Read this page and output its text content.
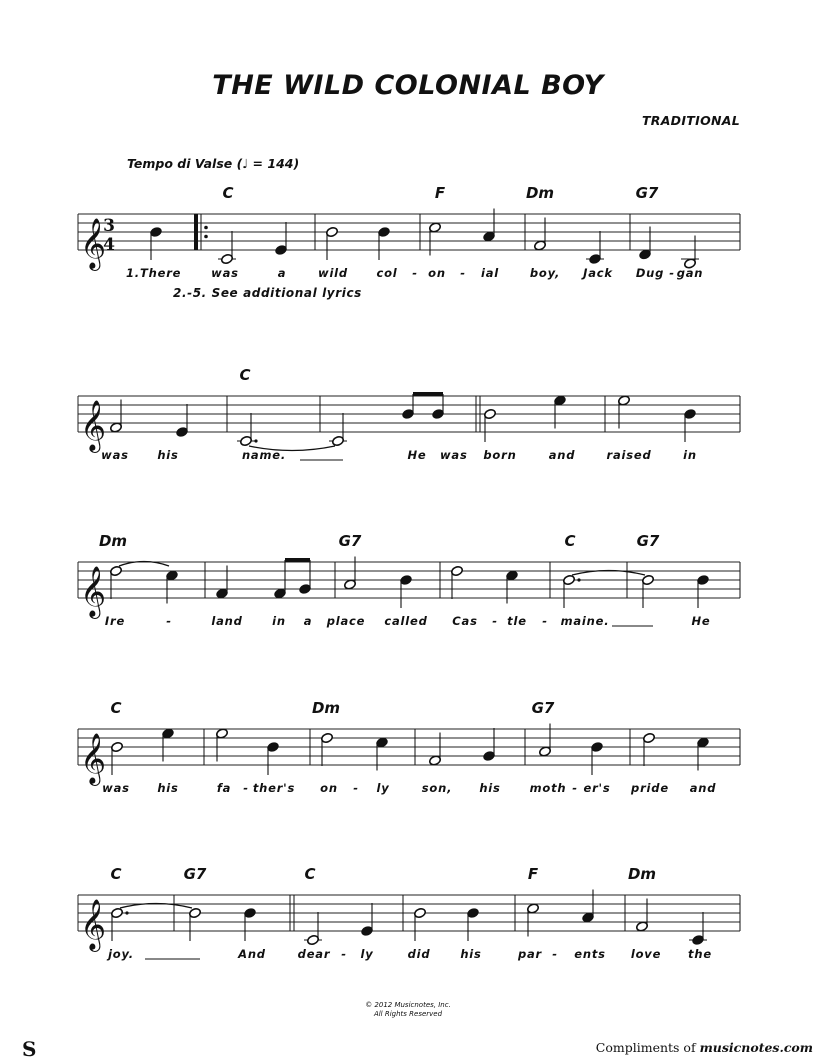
THE WILD COLONIAL BOY
TRADITIONAL
Tempo di Valse (♩ = 144)
𝄞
3
4
C	F	Dm	G7
1.There	was	a	wild col - on - ial	boy, Jack Dug - gan
2.-5. See additional lyrics
𝄞
C
was his	name.	He was born	and	raised	in
𝄞
Dm	G7	C	G7
Ire	-	land	in a place called Cas - tle - maine.	He
𝄞
C	Dm	G7
was his	fa - ther's on - ly	son, his	moth - er's pride and
𝄞
C	G7	C	F	Dm
joy.	And	dear - ly	did	his	par - ents love the
© 2012 Musicnotes, Inc.
All Rights Reserved
Compliments of musicnotes.com
S
